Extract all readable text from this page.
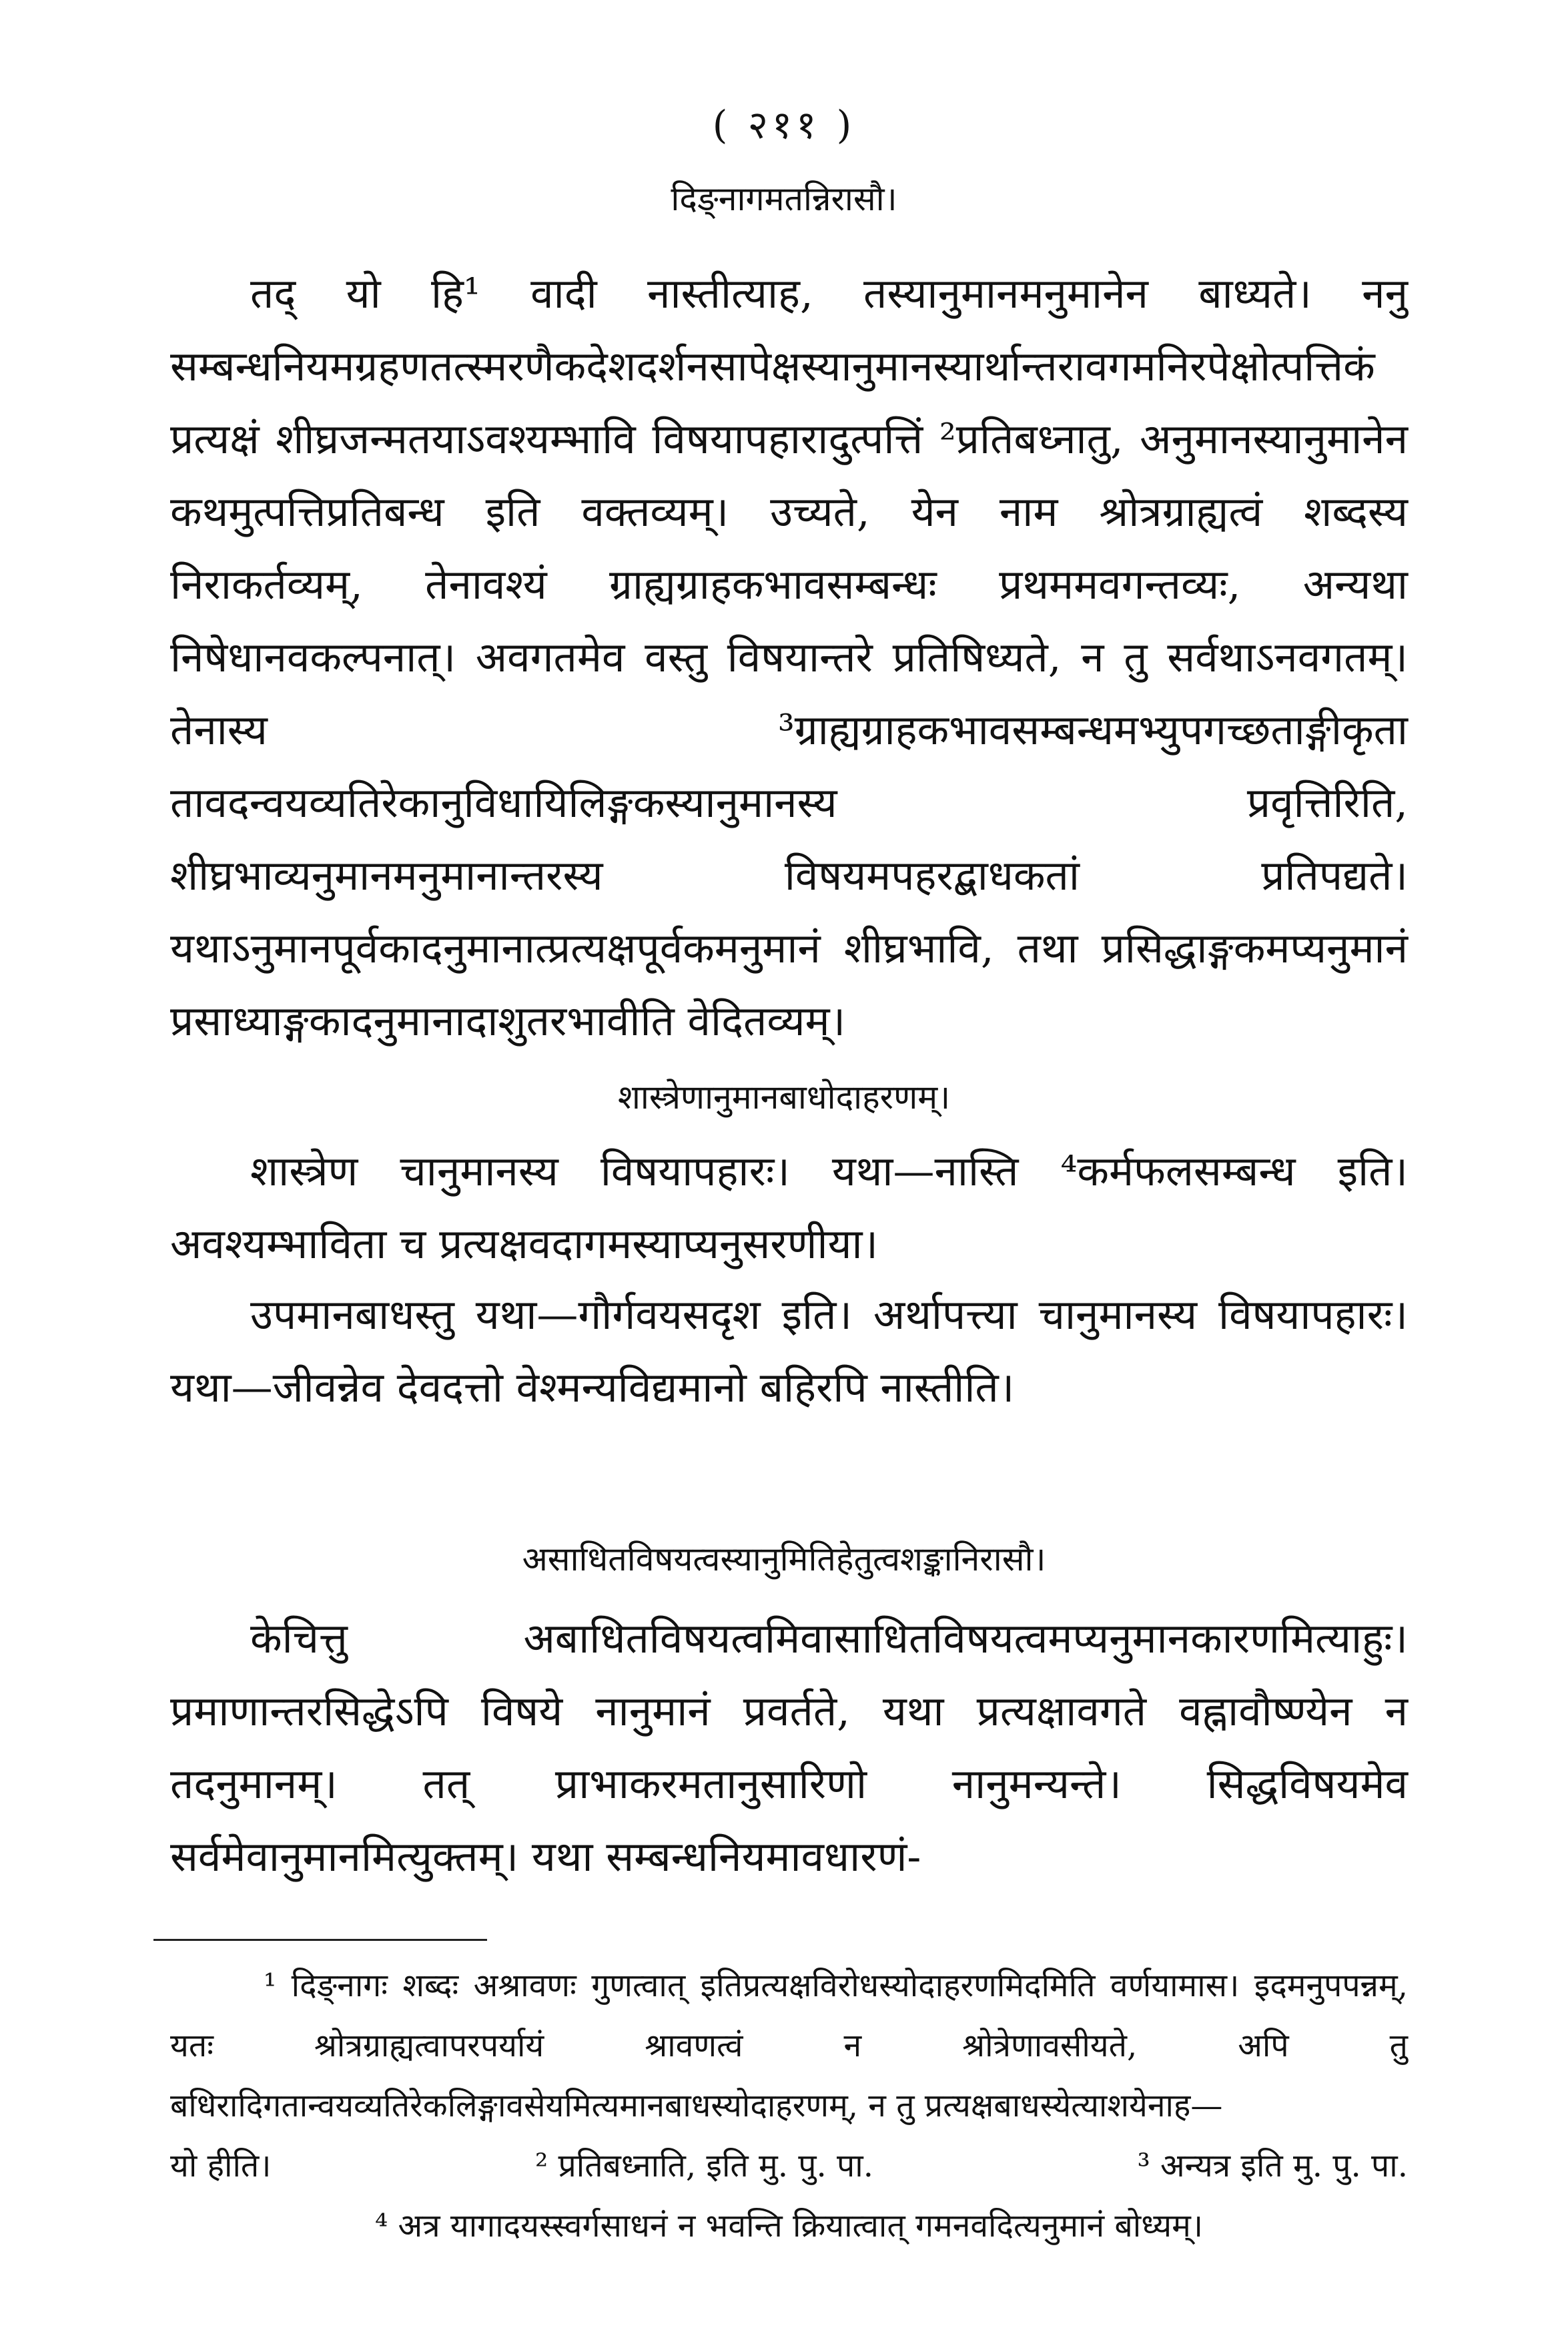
( २११ )
दिङ्नागमतन्निरासौ।
तद् यो हि¹ वादी नास्तीत्याह, तस्यानुमानमनुमानेन बाध्यते। ननु सम्बन्धनियमग्रहणतत्स्मरणैकदेशदर्शनसापेक्षस्यानुमानस्यार्थान्तरावगमनिरपेक्षोत्पत्तिकं प्रत्यक्षं शीघ्रजन्मतयाऽवश्यम्भावि विषयापहारादुत्पत्तिं ²प्रतिबध्नातु, अनुमानस्यानुमानेन कथमुत्पत्तिप्रतिबन्ध इति वक्तव्यम्। उच्यते, येन नाम श्रोत्रग्राह्यत्वं शब्दस्य निराकर्तव्यम्, तेनावश्यं ग्राह्यग्राहकभावसम्बन्धः प्रथममवगन्तव्यः, अन्यथा निषेधानवकल्पनात्। अवगतमेव वस्तु विषयान्तरे प्रतिषिध्यते, न तु सर्वथाऽनवगतम्। तेनास्य ³ग्राह्यग्राहकभावसम्बन्धमभ्युपगच्छताङ्गीकृता तावदन्वयव्यतिरेकानुविधायिलिङ्गकस्यानुमानस्य प्रवृत्तिरिति, शीघ्रभाव्यनुमानमनुमानान्तरस्य विषयमपहरद्बाधकतां प्रतिपद्यते। यथाऽनुमानपूर्वकादनुमानात्प्रत्यक्षपूर्वकमनुमानं शीघ्रभावि, तथा प्रसिद्धाङ्गकमप्यनुमानं प्रसाध्याङ्गकादनुमानादाशुतरभावीति वेदितव्यम्।
शास्त्रेणानुमानबाधोदाहरणम्।
शास्त्रेण चानुमानस्य विषयापहारः। यथा—नास्ति ⁴कर्मफलसम्बन्ध इति। अवश्यम्भाविता च प्रत्यक्षवदागमस्याप्यनुसरणीया।
उपमानबाधस्तु यथा—गौर्गवयसदृश इति। अर्थापत्त्या चानुमानस्य विषयापहारः। यथा—जीवन्नेव देवदत्तो वेश्मन्यविद्यमानो बहिरपि नास्तीति।
असाधितविषयत्वस्यानुमितिहेतुत्वशङ्कानिरासौ।
केचित्तु अबाधितविषयत्वमिवासाधितविषयत्वमप्यनुमानकारणमित्याहुः। प्रमाणान्तरसिद्धेऽपि विषये नानुमानं प्रवर्तते, यथा प्रत्यक्षावगते वह्नावौष्ण्येन न तदनुमानम्। तत् प्राभाकरमतानुसारिणो नानुमन्यन्ते। सिद्धविषयमेव सर्वमेवानुमानमित्युक्तम्। यथा सम्बन्धनियमावधारणं-
¹ दिङ्नागः शब्दः अश्रावणः गुणत्वात् इतिप्रत्यक्षविरोधस्योदाहरणमिदमिति वर्णयामास। इदमनुपपन्नम्, यतः श्रोत्रग्राह्यत्वापरपर्यायं श्रावणत्वं न श्रोत्रेणावसीयते, अपि तु बधिरादिगतान्वयव्यतिरेकलिङ्गावसेयमित्यमानबाधस्योदाहरणम्, न तु प्रत्यक्षबाधस्येत्याशयेनाह—
यो हीति।	² प्रतिबध्नाति, इति मु. पु. पा.	³ अन्यत्र इति मु. पु. पा.
⁴ अत्र यागादयस्स्वर्गसाधनं न भवन्ति क्रियात्वात् गमनवदित्यनुमानं बोध्यम्।
